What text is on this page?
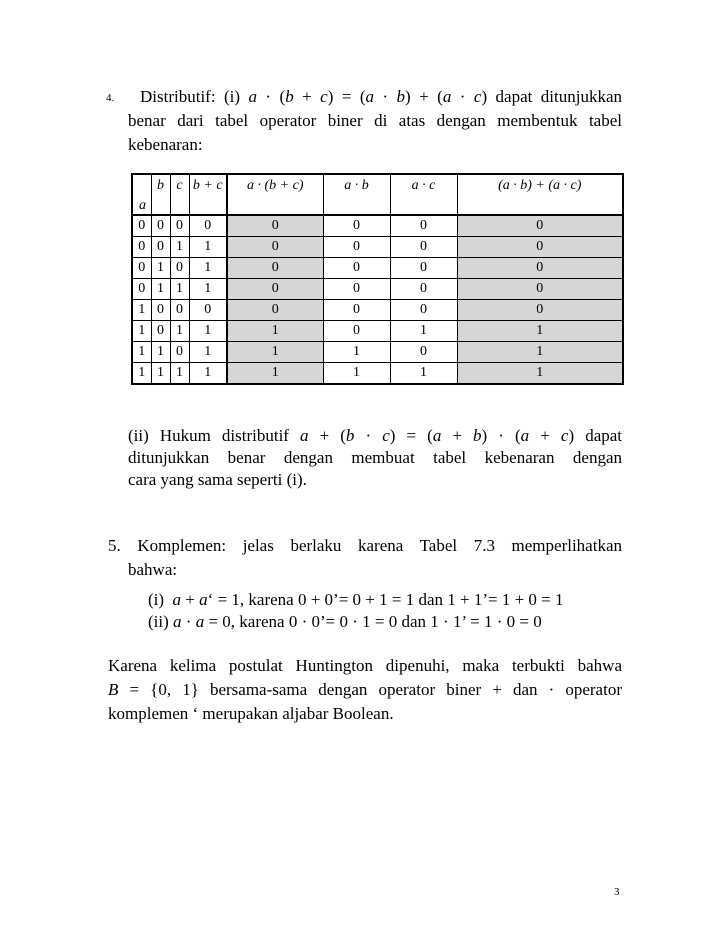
4. Distributif: (i) a · (b + c) = (a · b) + (a · c) dapat ditunjukkan
benar dari tabel operator biner di atas dengan membentuk tabel
kebenaran:
a	b	c	b + c	a · (b + c)	a · b	a · c	(a · b) + (a · c)
0	0	0	0	0	0	0	0
0	0	1	1	0	0	0	0
0	1	0	1	0	0	0	0
0	1	1	1	0	0	0	0
1	0	0	0	0	0	0	0
1	0	1	1	1	0	1	1
1	1	0	1	1	1	0	1
1	1	1	1	1	1	1	1
(ii) Hukum distributif a + (b · c) = (a + b) · (a + c) dapat
ditunjukkan benar dengan membuat tabel kebenaran dengan
cara yang sama seperti (i).
5. Komplemen: jelas berlaku karena Tabel 7.3 memperlihatkan
bahwa:
(i) a + a‘ = 1, karena 0 + 0’= 0 + 1 = 1 dan 1 + 1’= 1 + 0 = 1
(ii) a · a = 0, karena 0 · 0’= 0 · 1 = 0 dan 1 · 1’ = 1 · 0 = 0
Karena kelima postulat Huntington dipenuhi, maka terbukti bahwa
B = {0, 1} bersama-sama dengan operator biner + dan · operator
komplemen ‘ merupakan aljabar Boolean.
3
